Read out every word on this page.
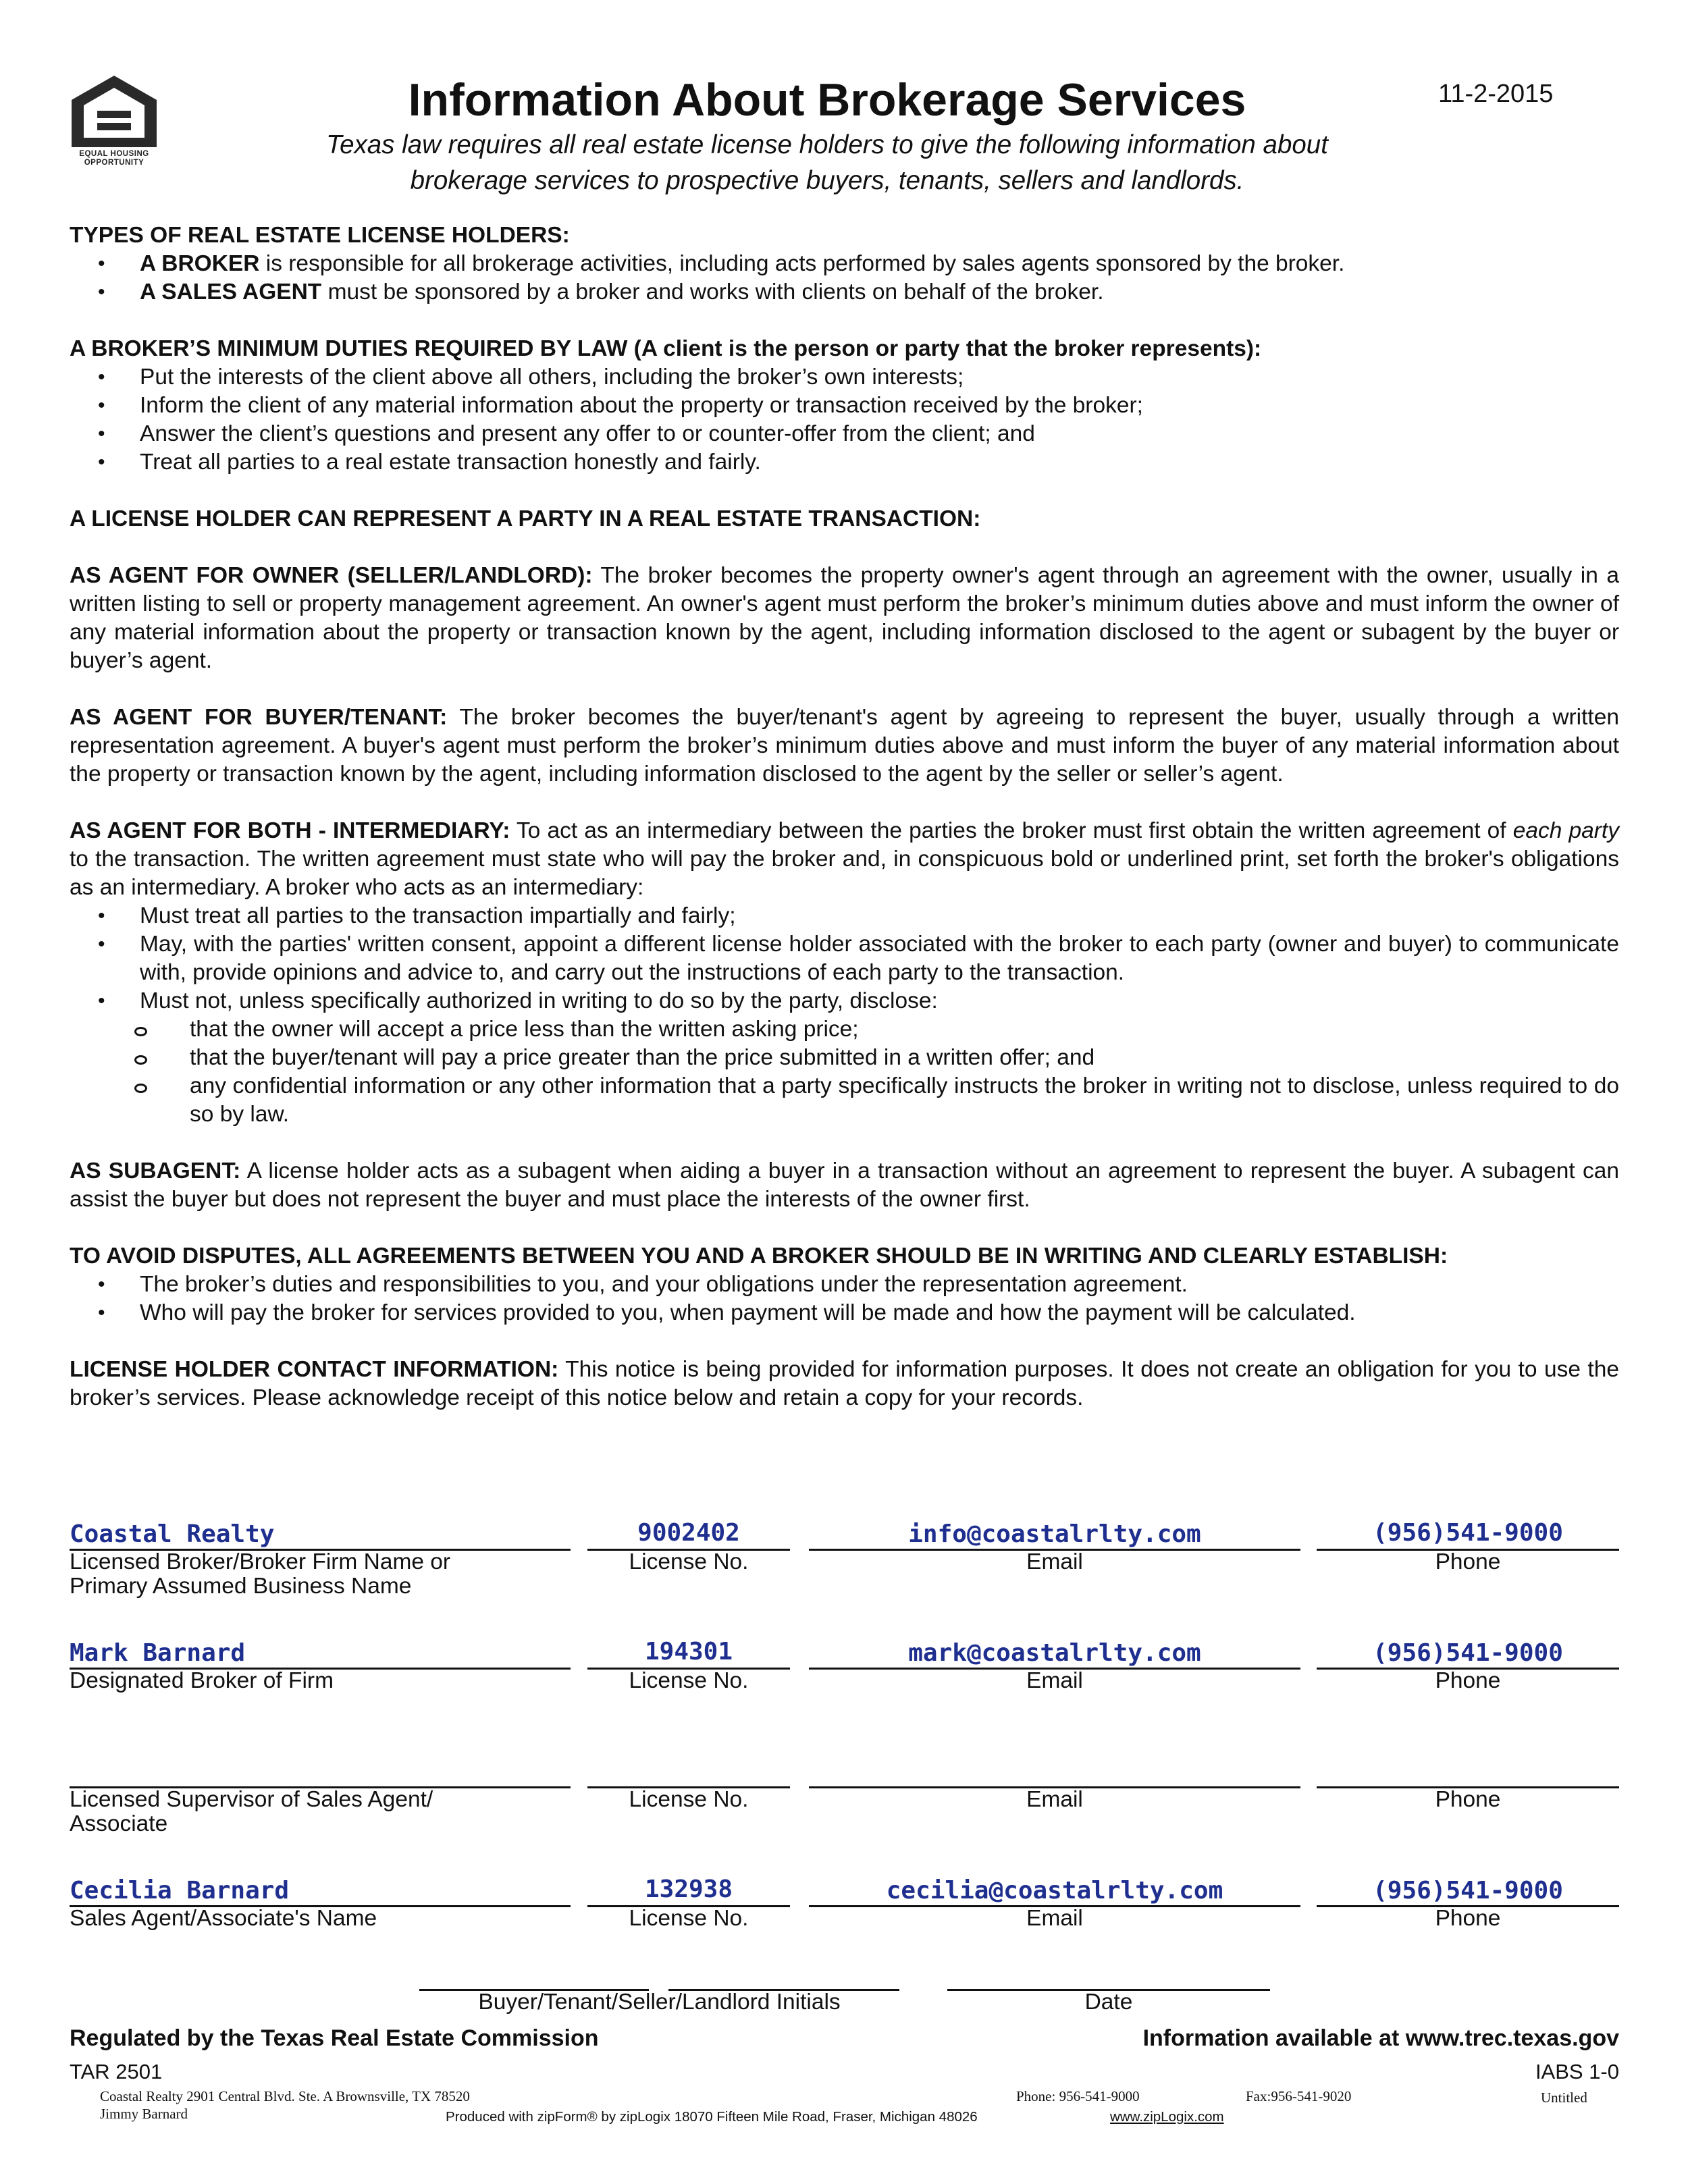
EQUAL HOUSING OPPORTUNITY
Information About Brokerage Services	11-2-2015
Texas law requires all real estate license holders to give the following information about
brokerage services to prospective buyers, tenants, sellers and landlords.

TYPES OF REAL ESTATE LICENSE HOLDERS:

• A BROKER is responsible for all brokerage activities, including acts performed by sales agents sponsored by the broker.
• A SALES AGENT must be sponsored by a broker and works with clients on behalf of the broker.

A BROKER’S MINIMUM DUTIES REQUIRED BY LAW (A client is the person or party that the broker represents):

• Put the interests of the client above all others, including the broker’s own interests;
• Inform the client of any material information about the property or transaction received by the broker;
• Answer the client’s questions and present any offer to or counter-offer from the client; and
• Treat all parties to a real estate transaction honestly and fairly.

A LICENSE HOLDER CAN REPRESENT A PARTY IN A REAL ESTATE TRANSACTION:

AS AGENT FOR OWNER (SELLER/LANDLORD): The broker becomes the property owner's agent through an agreement with the owner, usually in a written listing to sell or property management agreement. An owner's agent must perform the broker’s minimum duties above and must inform the owner of any material information about the property or transaction known by the agent, including information disclosed to the agent or subagent by the buyer or buyer’s agent.

AS AGENT FOR BUYER/TENANT: The broker becomes the buyer/tenant's agent by agreeing to represent the buyer, usually through a written representation agreement. A buyer's agent must perform the broker’s minimum duties above and must inform the buyer of any material information about the property or transaction known by the agent, including information disclosed to the agent by the seller or seller’s agent.

AS AGENT FOR BOTH - INTERMEDIARY: To act as an intermediary between the parties the broker must first obtain the written agreement of each party to the transaction. The written agreement must state who will pay the broker and, in conspicuous bold or underlined print, set forth the broker's obligations as an intermediary. A broker who acts as an intermediary:

• Must treat all parties to the transaction impartially and fairly;
• May, with the parties' written consent, appoint a different license holder associated with the broker to each party (owner and buyer) to communicate with, provide opinions and advice to, and carry out the instructions of each party to the transaction.
• Must not, unless specifically authorized in writing to do so by the party, disclose:
that the owner will accept a price less than the written asking price;
that the buyer/tenant will pay a price greater than the price submitted in a written offer; and
any confidential information or any other information that a party specifically instructs the broker in writing not to disclose, unless required to do so by law.

AS SUBAGENT: A license holder acts as a subagent when aiding a buyer in a transaction without an agreement to represent the buyer. A subagent can assist the buyer but does not represent the buyer and must place the interests of the owner first.

TO AVOID DISPUTES, ALL AGREEMENTS BETWEEN YOU AND A BROKER SHOULD BE IN WRITING AND CLEARLY ESTABLISH:

• The broker’s duties and responsibilities to you, and your obligations under the representation agreement.
• Who will pay the broker for services provided to you, when payment will be made and how the payment will be calculated.

LICENSE HOLDER CONTACT INFORMATION: This notice is being provided for information purposes. It does not create an obligation for you to use the broker’s services. Please acknowledge receipt of this notice below and retain a copy for your records.

Coastal Realty	9002402	info@coastalrlty.com	(956)541-9000
Licensed Broker/Broker Firm Name or
Primary Assumed Business Name
License No.	Email	Phone
Mark Barnard	194301	mark@coastalrlty.com	(956)541-9000
Designated Broker of Firm	License No.	Email	Phone
Licensed Supervisor of Sales Agent/
Associate
License No.	Email	Phone
Cecilia Barnard	132938	cecilia@coastalrlty.com	(956)541-9000
Sales Agent/Associate's Name	License No.	Email	Phone
Buyer/Tenant/Seller/Landlord Initials	Date
Regulated by the Texas Real Estate Commission	Information available at www.trec.texas.gov
TAR 2501	IABS 1-0
Coastal Realty 2901 Central Blvd. Ste. A Brownsville, TX 78520	Phone: 956-541-9000	Fax:956-541-9020	Untitled
Jimmy Barnard	Produced with zipForm® by zipLogix 18070 Fifteen Mile Road, Fraser, Michigan 48026	www.zipLogix.com
